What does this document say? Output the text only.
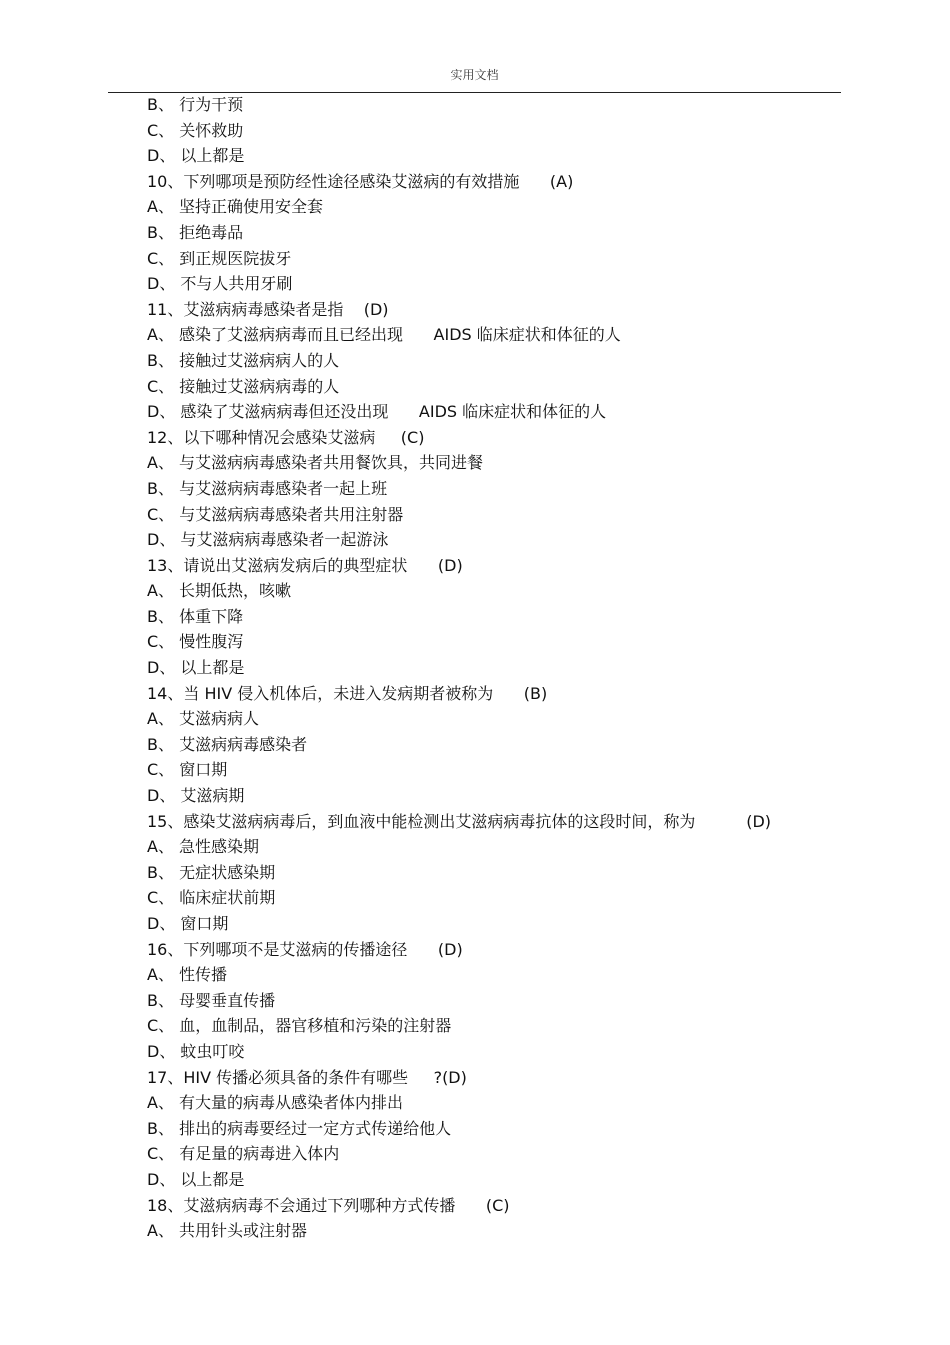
实用文档
B、 行为干预
C、 关怀救助
D、 以上都是
10、下列哪项是预防经性途径感染艾滋病的有效措施      (A)
A、 坚持正确使用安全套
B、 拒绝毒品
C、 到正规医院拔牙
D、 不与人共用牙刷
11、艾滋病病毒感染者是指    (D)
A、 感染了艾滋病病毒而且已经出现      AIDS 临床症状和体征的人
B、 接触过艾滋病病人的人
C、 接触过艾滋病病毒的人
D、 感染了艾滋病病毒但还没出现      AIDS 临床症状和体征的人
12、以下哪种情况会感染艾滋病     (C)
A、 与艾滋病病毒感染者共用餐饮具，共同进餐
B、 与艾滋病病毒感染者一起上班
C、 与艾滋病病毒感染者共用注射器
D、 与艾滋病病毒感染者一起游泳
13、请说出艾滋病发病后的典型症状      (D)
A、 长期低热，咳嗽
B、 体重下降
C、 慢性腹泻
D、 以上都是
14、当 HIV 侵入机体后，未进入发病期者被称为      (B)
A、 艾滋病病人
B、 艾滋病病毒感染者
C、 窗口期
D、 艾滋病期
15、感染艾滋病病毒后，到血液中能检测出艾滋病病毒抗体的这段时间，称为          (D)
A、 急性感染期
B、 无症状感染期
C、 临床症状前期
D、 窗口期
16、下列哪项不是艾滋病的传播途径      (D)
A、 性传播
B、 母婴垂直传播
C、 血，血制品，器官移植和污染的注射器
D、 蚊虫叮咬
17、HIV 传播必须具备的条件有哪些     ?(D)
A、 有大量的病毒从感染者体内排出
B、 排出的病毒要经过一定方式传递给他人
C、 有足量的病毒进入体内
D、 以上都是
18、艾滋病病毒不会通过下列哪种方式传播      (C)
A、 共用针头或注射器
